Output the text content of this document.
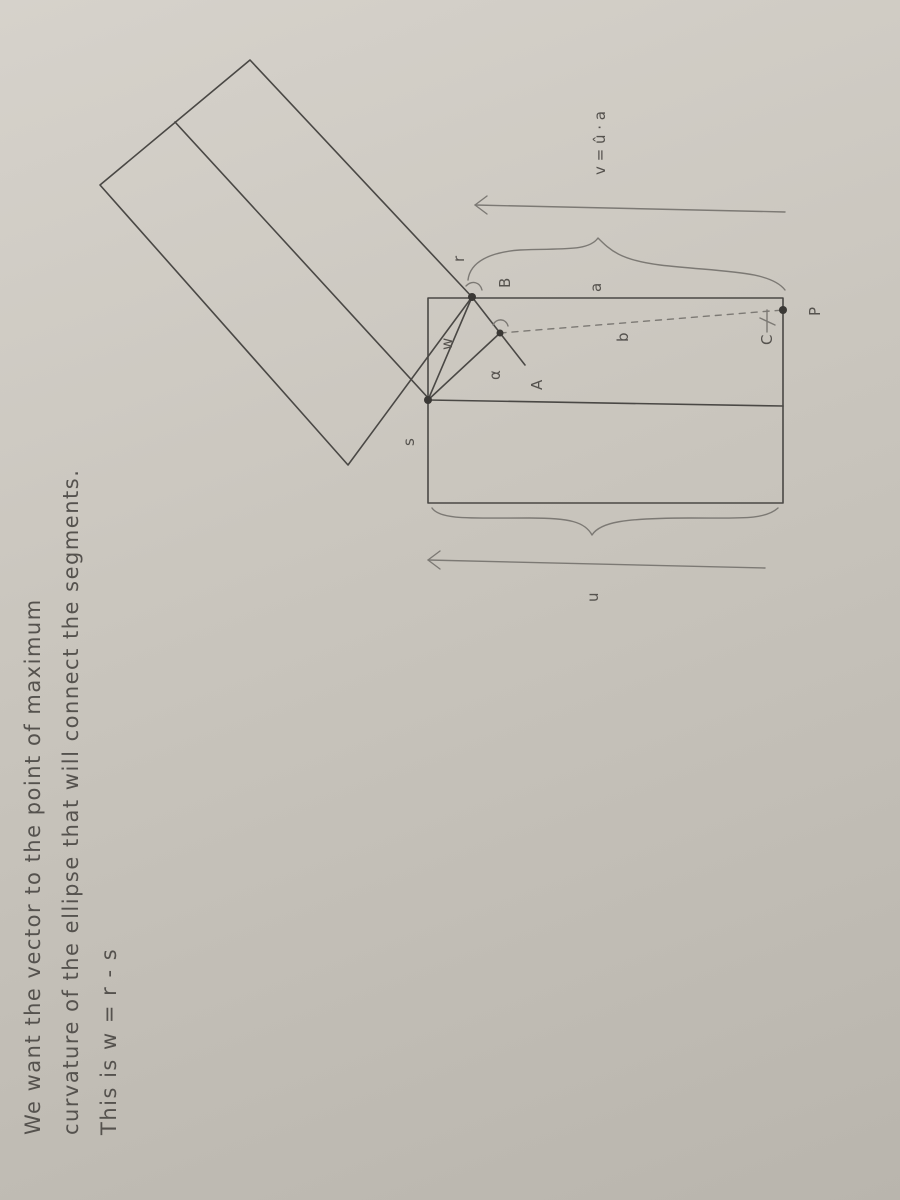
We want the vector to the point of maximum curvature of the ellipse that will connect the segments. This is w = r - s
s
r
w
B
A
α
b
a
C
P
u
v = û · a
